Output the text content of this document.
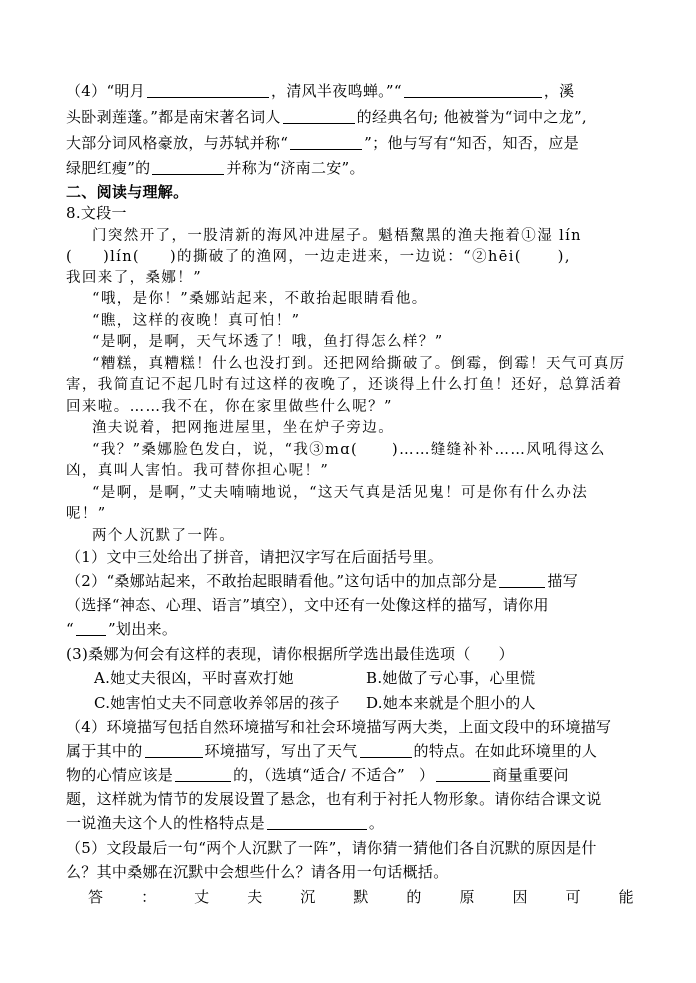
（4）“明月	，清风半夜鸣蝉。”“	，溪
头卧剥莲蓬。”都是南宋著名词人	的经典名句; 他被誉为“词中之龙”,
大部分词风格豪放，与苏轼并称“	”；他与写有“知否，知否，应是
绿肥红瘦”的	并称为“济南二安”。
二、阅读与理解。
8.文段一
门突然开了，一股清新的海风冲进屋子。魁梧黧黑的渔夫拖着①湿 lín
( )lín( )的撕破了的渔网，一边走进来，一边说：“②hēi( ),
我回来了，桑娜！”
“哦，是你！”桑娜站起来，不敢抬起眼睛看他。
“瞧，这样的夜晚！真可怕！”
“是啊，是啊，天气坏透了！哦，鱼打得怎么样？”
“糟糕，真糟糕！什么也没打到。还把网给撕破了。倒霉，倒霉！天气可真厉
害，我简直记不起几时有过这样的夜晚了，还谈得上什么打鱼！还好，总算活着
回来啦。……我不在，你在家里做些什么呢？”
渔夫说着，把网拖进屋里，坐在炉子旁边。
“我？”桑娜脸色发白，说，“我③mɑ( )……缝缝补补……风吼得这么
凶，真叫人害怕。我可替你担心呢！”
“是啊，是啊，”丈夫喃喃地说，“这天气真是活见鬼！可是你有什么办法
呢！”
两个人沉默了一阵。
（1）文中三处给出了拼音，请把汉字写在后面括号里。
（2）“桑娜站起来，不敢抬起眼睛看他。”这句话中的加点部分是	描写
（选择“神态、心理、语言”填空），文中还有一处像这样的描写，请你用
“ ”划出来。
(3)桑娜为何会有这样的表现，请你根据所学选出最佳选项（ ）
A.她丈夫很凶，平时喜欢打她	B.她做了亏心事，心里慌
C.她害怕丈夫不同意收养邻居的孩子 D.她本来就是个胆小的人
（4）环境描写包括自然环境描写和社会环境描写两大类，上面文段中的环境描写
属于其中的	环境描写，写出了天气	的特点。在如此环境里的人
物的心情应该是	的，（选填“适合/ 不适合” ）	商量重要问
题，这样就为情节的发展设置了悬念，也有利于衬托人物形象。请你结合课文说
一说渔夫这个人的性格特点是	。
（5）文段最后一句“两个人沉默了一阵”，请你猜一猜他们各自沉默的原因是什
么？其中桑娜在沉默中会想些什么？请各用一句话概括。
答	：	丈	夫	沉	默	的	原	因	可	能
